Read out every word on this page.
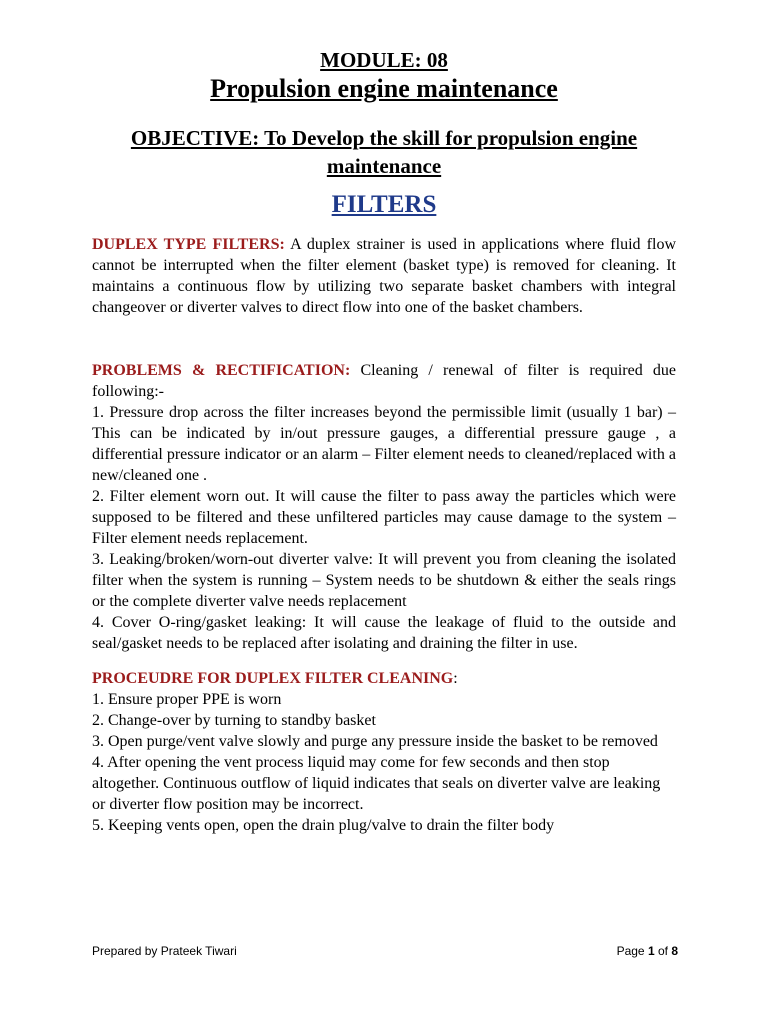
MODULE: 08
Propulsion engine maintenance
OBJECTIVE: To Develop the skill for propulsion engine
maintenance
FILTERS
DUPLEX TYPE FILTERS: A duplex strainer is used in applications where fluid flow cannot be interrupted when the filter element (basket type) is removed for cleaning. It maintains a continuous flow by utilizing two separate basket chambers with integral changeover or diverter valves to direct flow into one of the basket chambers.
PROBLEMS & RECTIFICATION: Cleaning / renewal of filter is required due following:-
1. Pressure drop across the filter increases beyond the permissible limit (usually 1 bar) – This can be indicated by in/out pressure gauges, a differential pressure gauge , a differential pressure indicator or an alarm – Filter element needs to cleaned/replaced with a new/cleaned one .
2. Filter element worn out. It will cause the filter to pass away the particles which were supposed to be filtered and these unfiltered particles may cause damage to the system – Filter element needs replacement.
3. Leaking/broken/worn-out diverter valve: It will prevent you from cleaning the isolated filter when the system is running – System needs to be shutdown & either the seals rings or the complete diverter valve needs replacement
4. Cover O-ring/gasket leaking: It will cause the leakage of fluid to the outside and seal/gasket needs to be replaced after isolating and draining the filter in use.
PROCEUDRE FOR DUPLEX FILTER CLEANING:
1. Ensure proper PPE is worn
2. Change-over by turning to standby basket
3. Open purge/vent valve slowly and purge any pressure inside the basket to be removed
4. After opening the vent process liquid may come for few seconds and then stop altogether. Continuous outflow of liquid indicates that seals on diverter valve are leaking or diverter flow position may be incorrect.
5. Keeping vents open, open the drain plug/valve to drain the filter body
Prepared by Prateek Tiwari	Page 1 of 8
